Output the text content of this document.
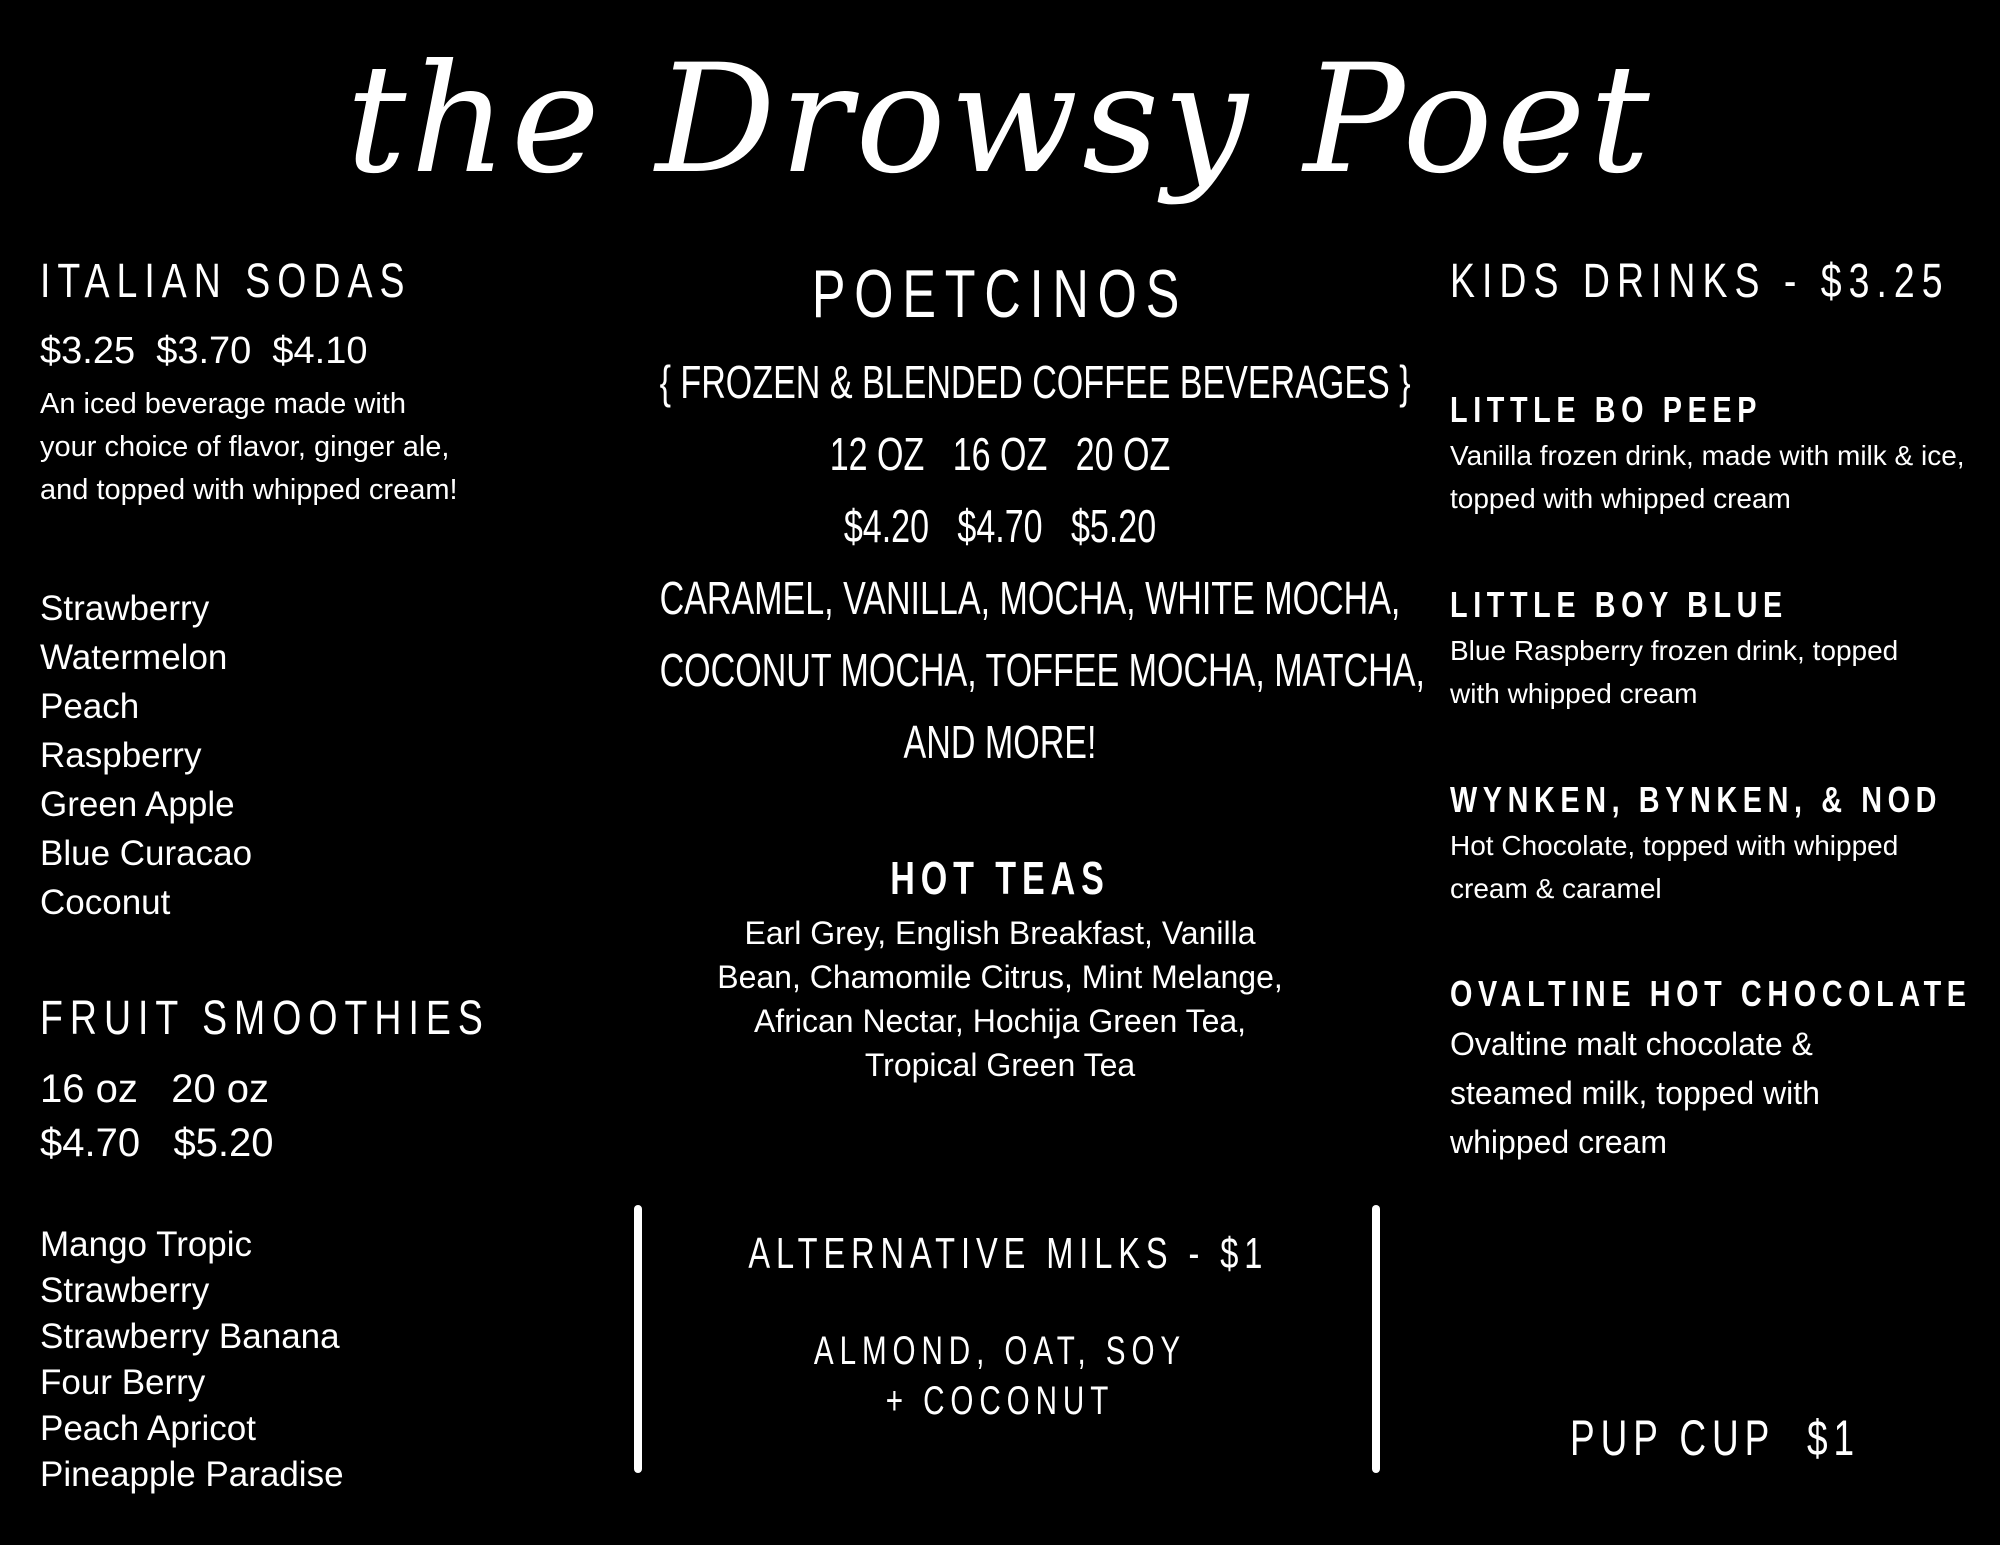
the Drowsy Poet
ITALIAN SODAS
$3.25  $3.70  $4.10
An iced beverage made with your choice of flavor, ginger ale, and topped with whipped cream!
Strawberry
Watermelon
Peach
Raspberry
Green Apple
Blue Curacao
Coconut
FRUIT SMOOTHIES
16 oz   20 oz
$4.70   $5.20
Mango Tropic
Strawberry
Strawberry Banana
Four Berry
Peach Apricot
Pineapple Paradise
POETCINOS
{ FROZEN & BLENDED COFFEE BEVERAGES }
12 OZ   16 OZ   20 OZ
$4.20   $4.70   $5.20
CARAMEL, VANILLA, MOCHA, WHITE MOCHA,
COCONUT MOCHA, TOFFEE MOCHA, MATCHA,
AND MORE!
HOT TEAS
Earl Grey, English Breakfast, Vanilla
Bean, Chamomile Citrus, Mint Melange,
African Nectar, Hochija Green Tea,
Tropical Green Tea
ALTERNATIVE MILKS - $1
ALMOND, OAT, SOY
+ COCONUT
KIDS DRINKS - $3.25
LITTLE BO PEEP
Vanilla frozen drink, made with milk & ice, topped with whipped cream
LITTLE BOY BLUE
Blue Raspberry frozen drink, topped with whipped cream
WYNKEN, BYNKEN, & NOD
Hot Chocolate, topped with whipped cream & caramel
OVALTINE HOT CHOCOLATE
Ovaltine malt chocolate & steamed milk, topped with whipped cream
PUP CUP  $1
